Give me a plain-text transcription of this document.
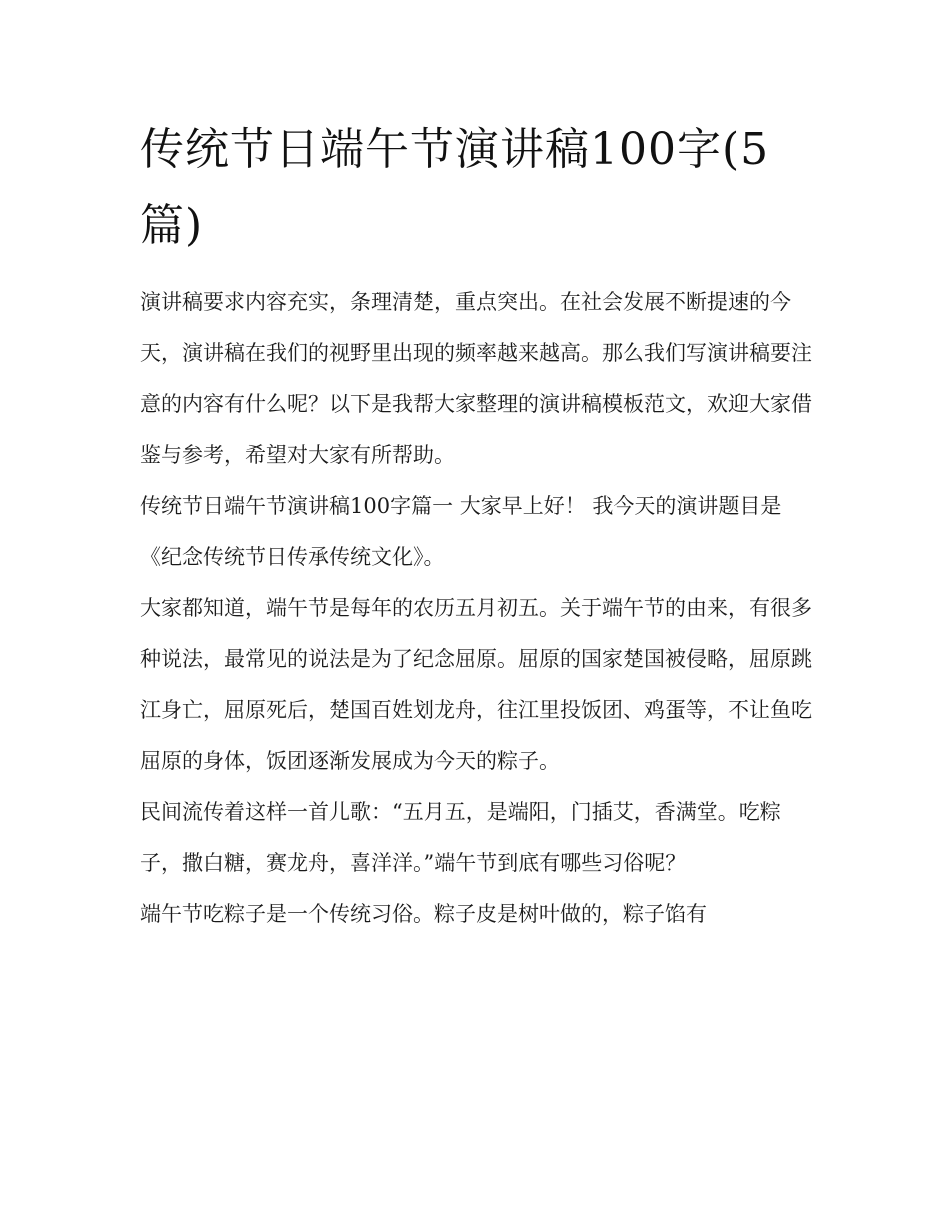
传统节日端午节演讲稿100字(5篇)

演讲稿要求内容充实，条理清楚，重点突出。在社会发展不断提速的今天，演讲稿在我们的视野里出现的频率越来越高。那么我们写演讲稿要注意的内容有什么呢？以下是我帮大家整理的演讲稿模板范文，欢迎大家借鉴与参考，希望对大家有所帮助。

传统节日端午节演讲稿100字篇一 大家早上好！ 我今天的演讲题目是《纪念传统节日传承传统文化》。

大家都知道，端午节是每年的农历五月初五。关于端午节的由来，有很多种说法，最常见的说法是为了纪念屈原。屈原的国家楚国被侵略，屈原跳江身亡，屈原死后，楚国百姓划龙舟，往江里投饭团、鸡蛋等，不让鱼吃屈原的身体，饭团逐渐发展成为今天的粽子。

民间流传着这样一首儿歌：“五月五，是端阳，门插艾，香满堂。吃粽子，撒白糖，赛龙舟，喜洋洋。”端午节到底有哪些习俗呢？

端午节吃粽子是一个传统习俗。粽子皮是树叶做的，粽子馅有
